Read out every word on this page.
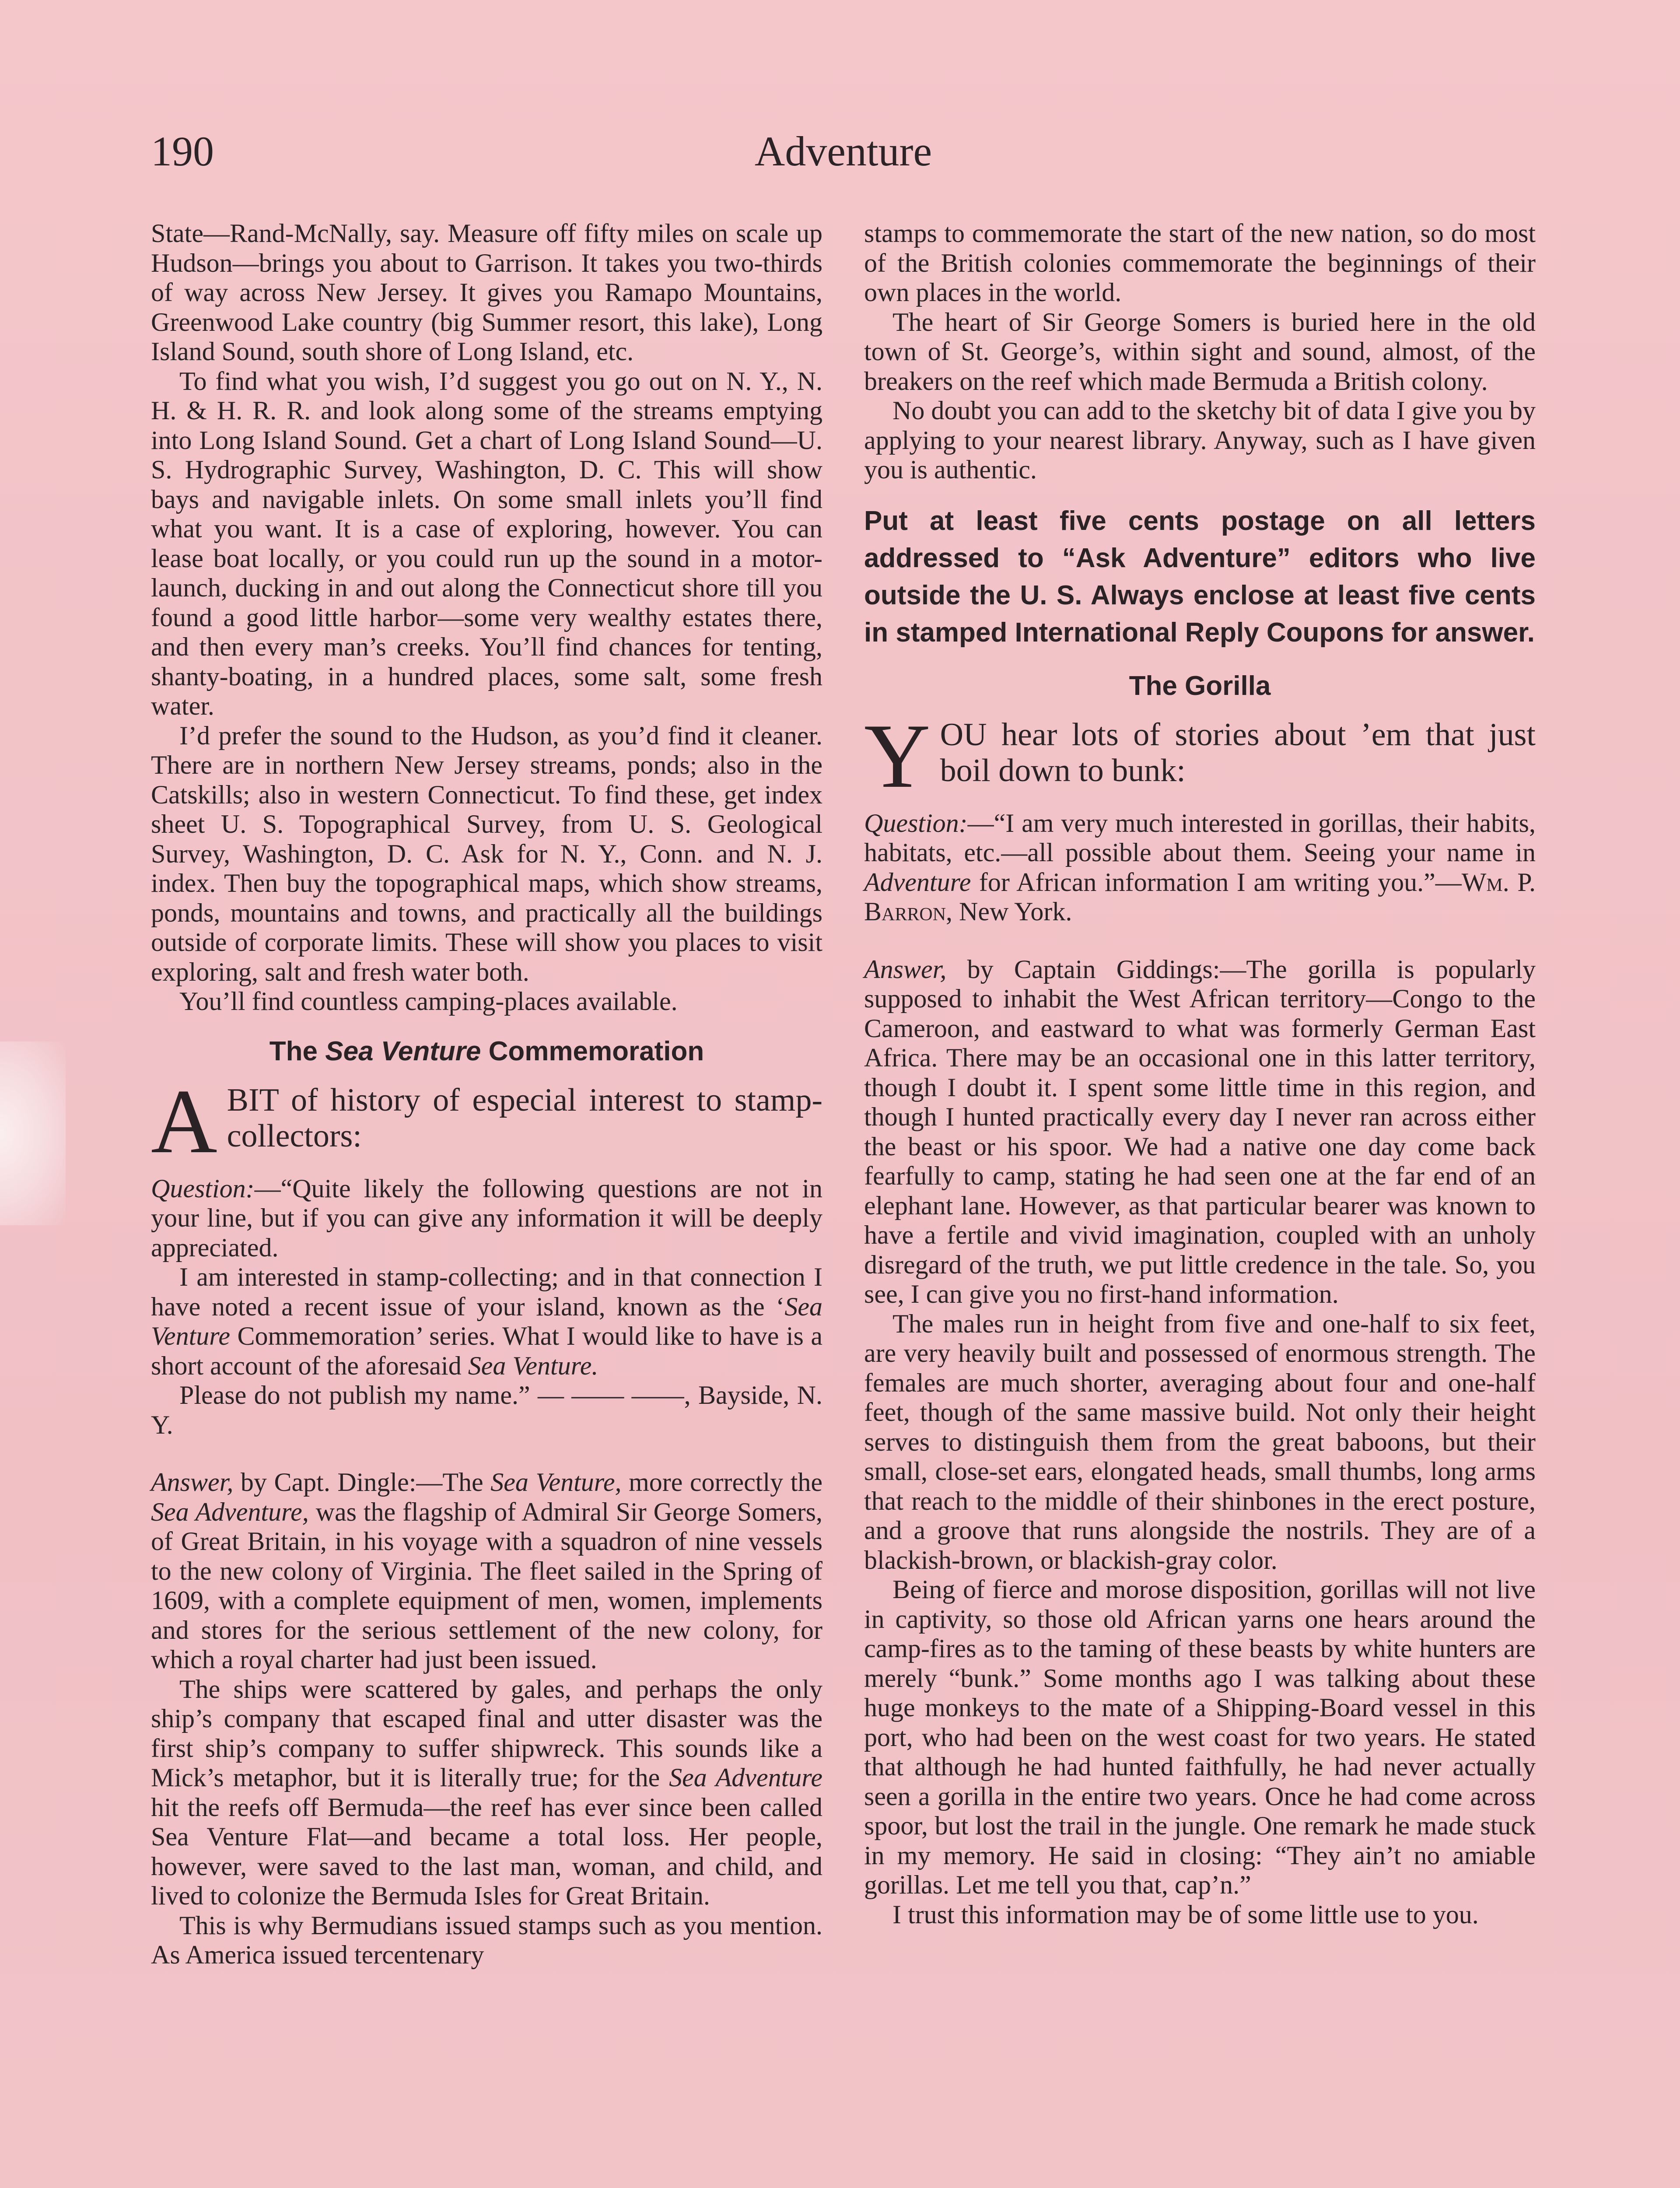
190	Adventure

State—Rand-McNally, say. Measure off fifty miles on scale up Hudson—brings you about to Garrison. It takes you two-thirds of way across New Jersey. It gives you Ramapo Mountains, Greenwood Lake country (big Summer resort, this lake), Long Island Sound, south shore of Long Island, etc.

To find what you wish, I’d suggest you go out on N. Y., N. H. & H. R. R. and look along some of the streams emptying into Long Island Sound. Get a chart of Long Island Sound—U. S. Hydrographic Survey, Washington, D. C. This will show bays and navigable inlets. On some small inlets you’ll find what you want. It is a case of exploring, however. You can lease boat locally, or you could run up the sound in a motor-launch, ducking in and out along the Connecticut shore till you found a good little harbor—some very wealthy estates there, and then every man’s creeks. You’ll find chances for tenting, shanty-boating, in a hundred places, some salt, some fresh water.

I’d prefer the sound to the Hudson, as you’d find it cleaner. There are in northern New Jersey streams, ponds; also in the Catskills; also in western Connecticut. To find these, get index sheet U. S. Topographical Survey, from U. S. Geological Survey, Washington, D. C. Ask for N. Y., Conn. and N. J. index. Then buy the topographical maps, which show streams, ponds, mountains and towns, and practically all the buildings outside of corporate limits. These will show you places to visit exploring, salt and fresh water both.

You’ll find countless camping-places available.

The Sea Venture Commemoration
A BIT of history of especial interest to stamp-collectors:

Question:—“Quite likely the following questions are not in your line, but if you can give any information it will be deeply appreciated.

I am interested in stamp-collecting; and in that connection I have noted a recent issue of your island, known as the ‘Sea Venture Commemoration’ series. What I would like to have is a short account of the aforesaid Sea Venture.

Please do not publish my name.” — —— ——, Bayside, N. Y.

Answer, by Capt. Dingle:—The Sea Venture, more correctly the Sea Adventure, was the flagship of Admiral Sir George Somers, of Great Britain, in his voyage with a squadron of nine vessels to the new colony of Virginia. The fleet sailed in the Spring of 1609, with a complete equipment of men, women, implements and stores for the serious settlement of the new colony, for which a royal charter had just been issued.

The ships were scattered by gales, and perhaps the only ship’s company that escaped final and utter disaster was the first ship’s company to suffer shipwreck. This sounds like a Mick’s metaphor, but it is literally true; for the Sea Adventure hit the reefs off Bermuda—the reef has ever since been called Sea Venture Flat—and became a total loss. Her people, however, were saved to the last man, woman, and child, and lived to colonize the Bermuda Isles for Great Britain.

This is why Bermudians issued stamps such as you mention. As America issued tercentenary

stamps to commemorate the start of the new nation, so do most of the British colonies commemorate the beginnings of their own places in the world.

The heart of Sir George Somers is buried here in the old town of St. George’s, within sight and sound, almost, of the breakers on the reef which made Bermuda a British colony.

No doubt you can add to the sketchy bit of data I give you by applying to your nearest library. Anyway, such as I have given you is authentic.

Put at least five cents postage on all letters addressed to “Ask Adventure” editors who live outside the U. S. Always enclose at least five cents in stamped International Reply Coupons for answer.
The Gorilla
Y OU hear lots of stories about ’em that just boil down to bunk:

Question:—“I am very much interested in gorillas, their habits, habitats, etc.—all possible about them. Seeing your name in Adventure for African information I am writing you.”—Wm. P. Barron, New York.

Answer, by Captain Giddings:—The gorilla is popularly supposed to inhabit the West African territory—Congo to the Cameroon, and eastward to what was formerly German East Africa. There may be an occasional one in this latter territory, though I doubt it. I spent some little time in this region, and though I hunted practically every day I never ran across either the beast or his spoor. We had a native one day come back fearfully to camp, stating he had seen one at the far end of an elephant lane. However, as that particular bearer was known to have a fertile and vivid imagination, coupled with an unholy disregard of the truth, we put little credence in the tale. So, you see, I can give you no first-hand information.

The males run in height from five and one-half to six feet, are very heavily built and possessed of enormous strength. The females are much shorter, averaging about four and one-half feet, though of the same massive build. Not only their height serves to distinguish them from the great baboons, but their small, close-set ears, elongated heads, small thumbs, long arms that reach to the middle of their shinbones in the erect posture, and a groove that runs alongside the nostrils. They are of a blackish-brown, or blackish-gray color.

Being of fierce and morose disposition, gorillas will not live in captivity, so those old African yarns one hears around the camp-fires as to the taming of these beasts by white hunters are merely “bunk.” Some months ago I was talking about these huge monkeys to the mate of a Shipping-Board vessel in this port, who had been on the west coast for two years. He stated that although he had hunted faithfully, he had never actually seen a gorilla in the entire two years. Once he had come across spoor, but lost the trail in the jungle. One remark he made stuck in my memory. He said in closing: “They ain’t no amiable gorillas. Let me tell you that, cap’n.”

I trust this information may be of some little use to you.
